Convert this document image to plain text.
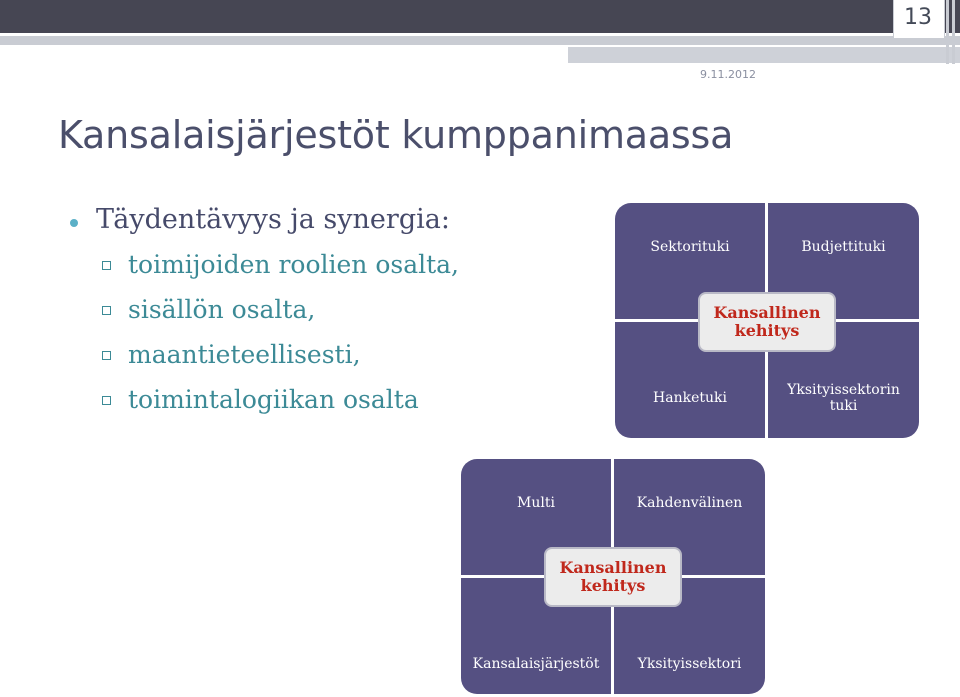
13
9.11.2012
Kansalaisjärjestöt kumppanimaassa
Täydentävyys ja synergia:
toimijoiden roolien osalta,
sisällön osalta,
maantieteellisesti,
toimintalogiikan osalta
Sektorituki	Budjettituki
Hanketuki	Yksityissektorin
tuki
Kansallinen
kehitys
Multi	Kahdenvälinen
Kansalaisjärjestöt	Yksityissektori
Kansallinen
kehitys
